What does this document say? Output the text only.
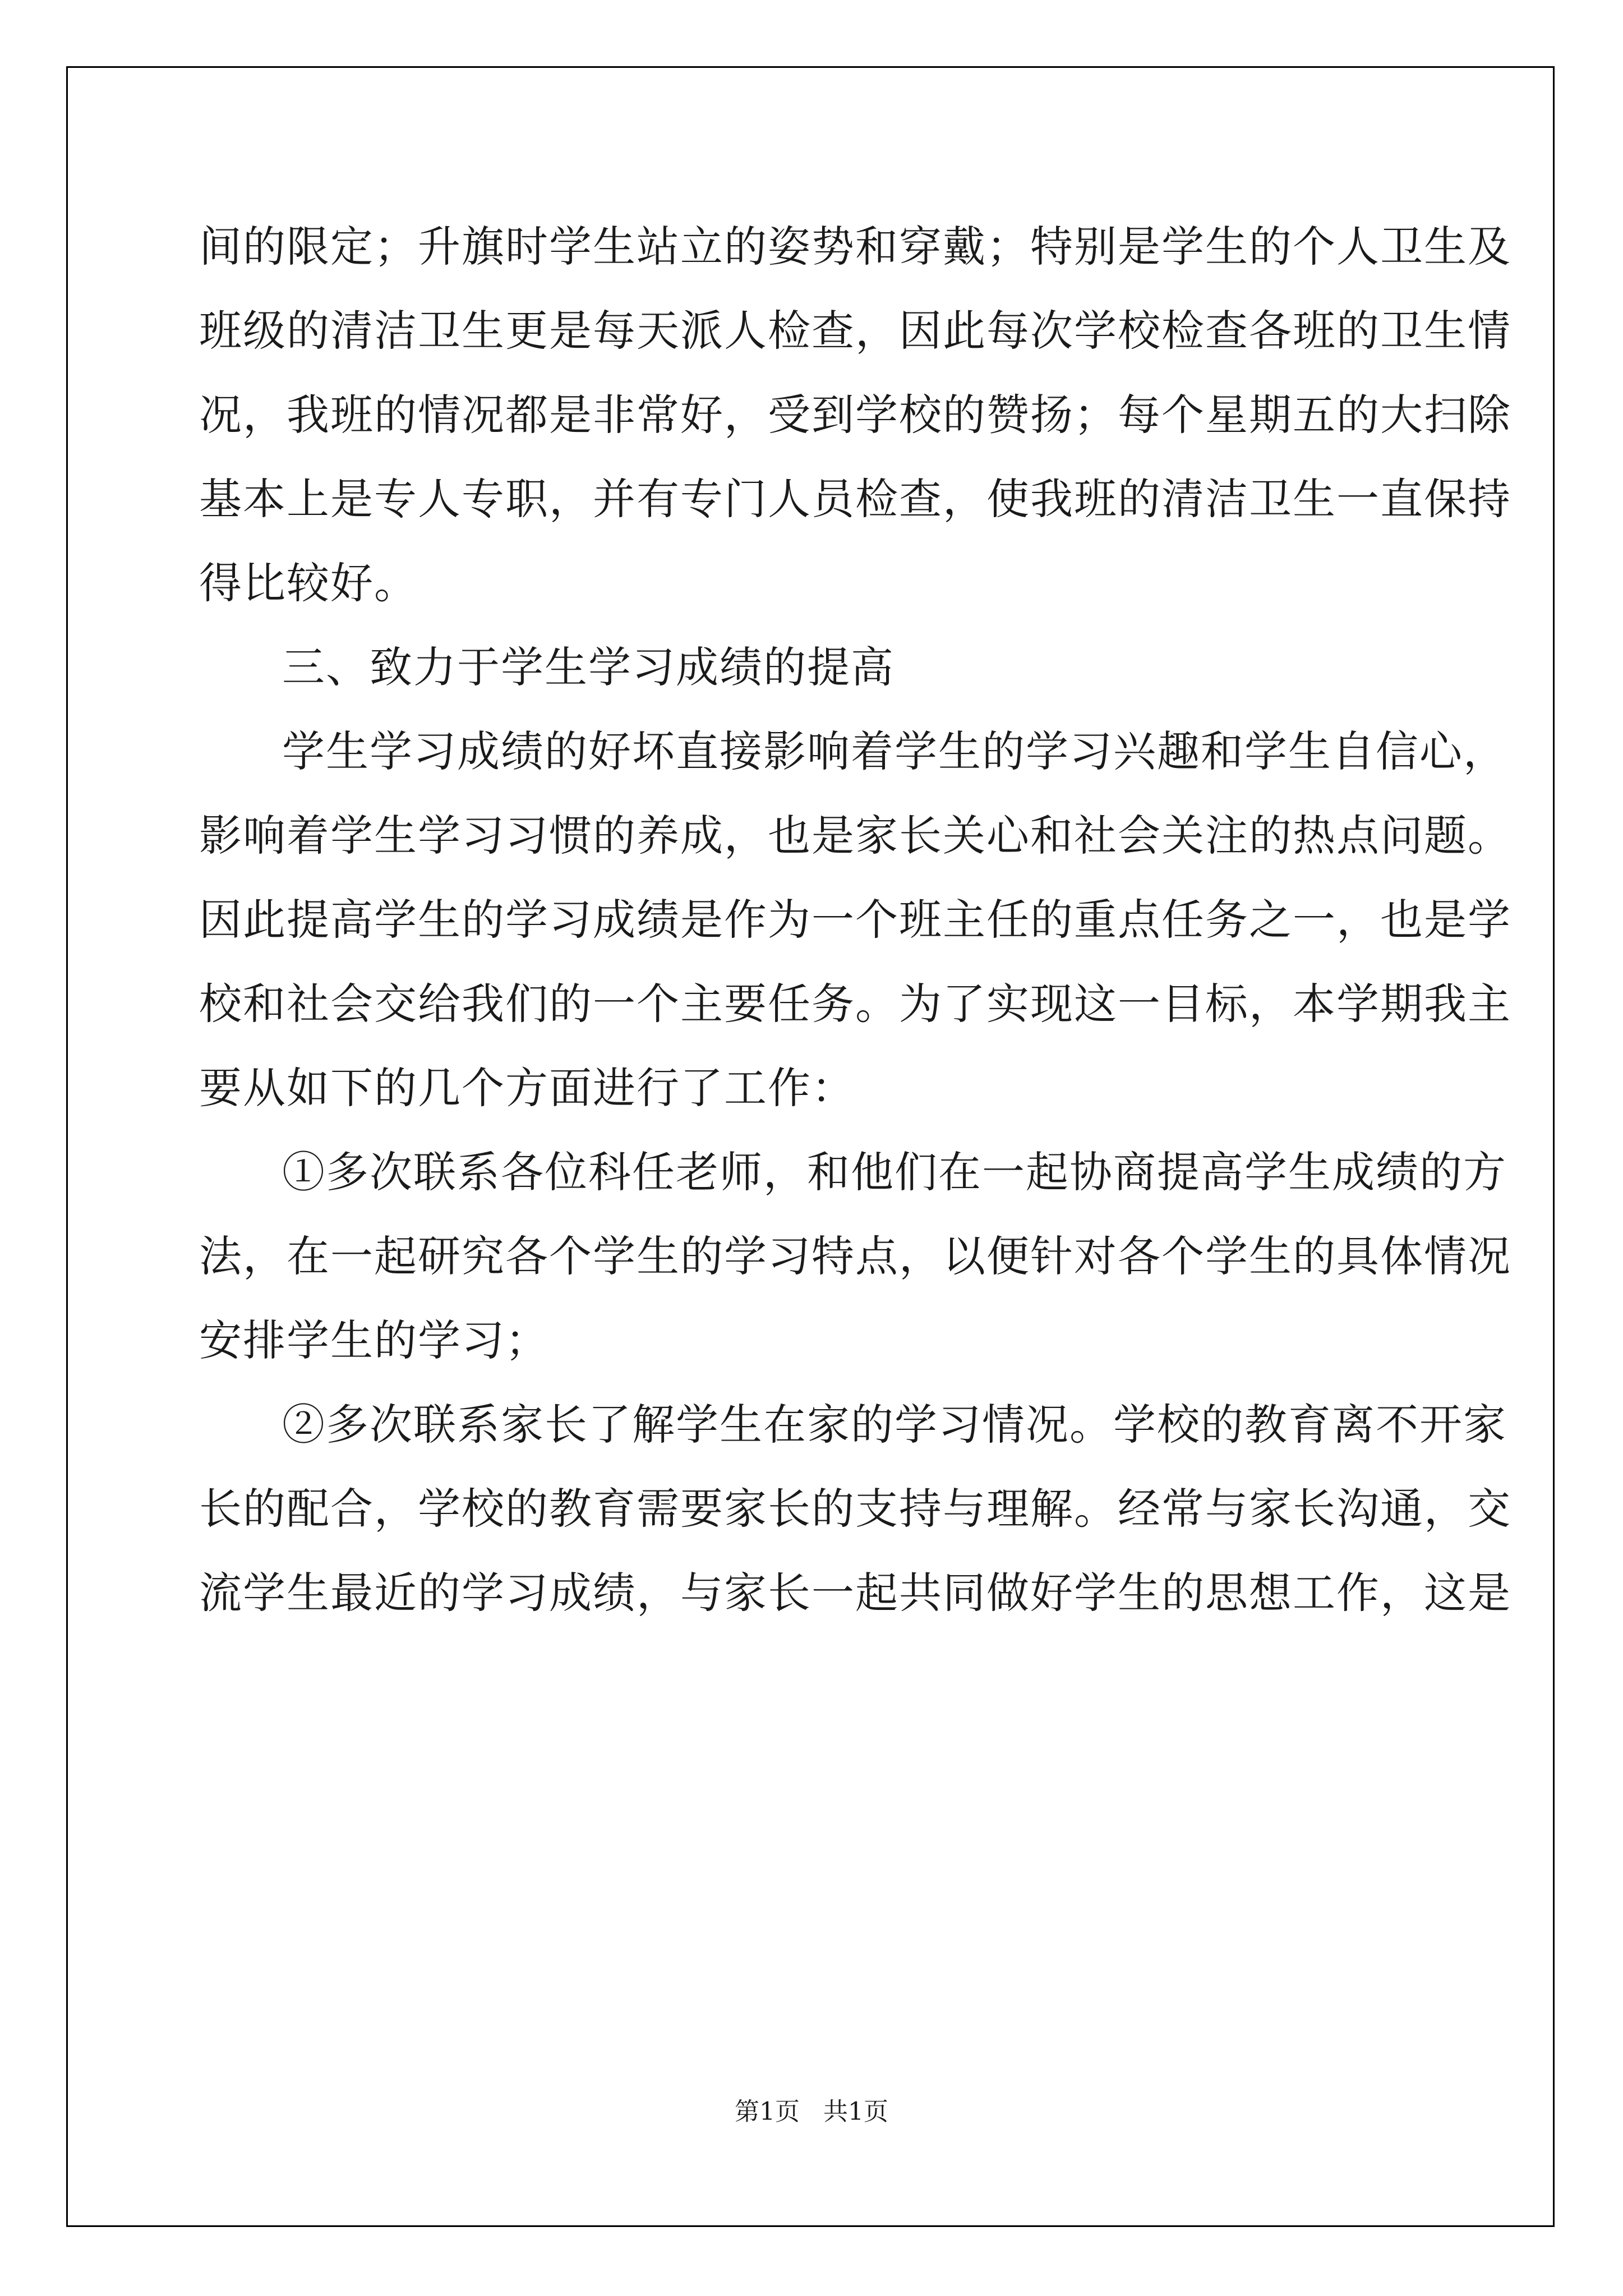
间的限定；升旗时学生站立的姿势和穿戴；特别是学生的个人卫生及
班级的清洁卫生更是每天派人检查，因此每次学校检查各班的卫生情
况，我班的情况都是非常好，受到学校的赞扬；每个星期五的大扫除
基本上是专人专职，并有专门人员检查，使我班的清洁卫生一直保持
得比较好。
三、致力于学生学习成绩的提高
学生学习成绩的好坏直接影响着学生的学习兴趣和学生自信心，
影响着学生学习习惯的养成，也是家长关心和社会关注的热点问题。
因此提高学生的学习成绩是作为一个班主任的重点任务之一，也是学
校和社会交给我们的一个主要任务。为了实现这一目标，本学期我主
要从如下的几个方面进行了工作：
①多次联系各位科任老师，和他们在一起协商提高学生成绩的方
法，在一起研究各个学生的学习特点，以便针对各个学生的具体情况
安排学生的学习；
②多次联系家长了解学生在家的学习情况。学校的教育离不开家
长的配合，学校的教育需要家长的支持与理解。经常与家长沟通，交
流学生最近的学习成绩，与家长一起共同做好学生的思想工作，这是
第1页   共1页
